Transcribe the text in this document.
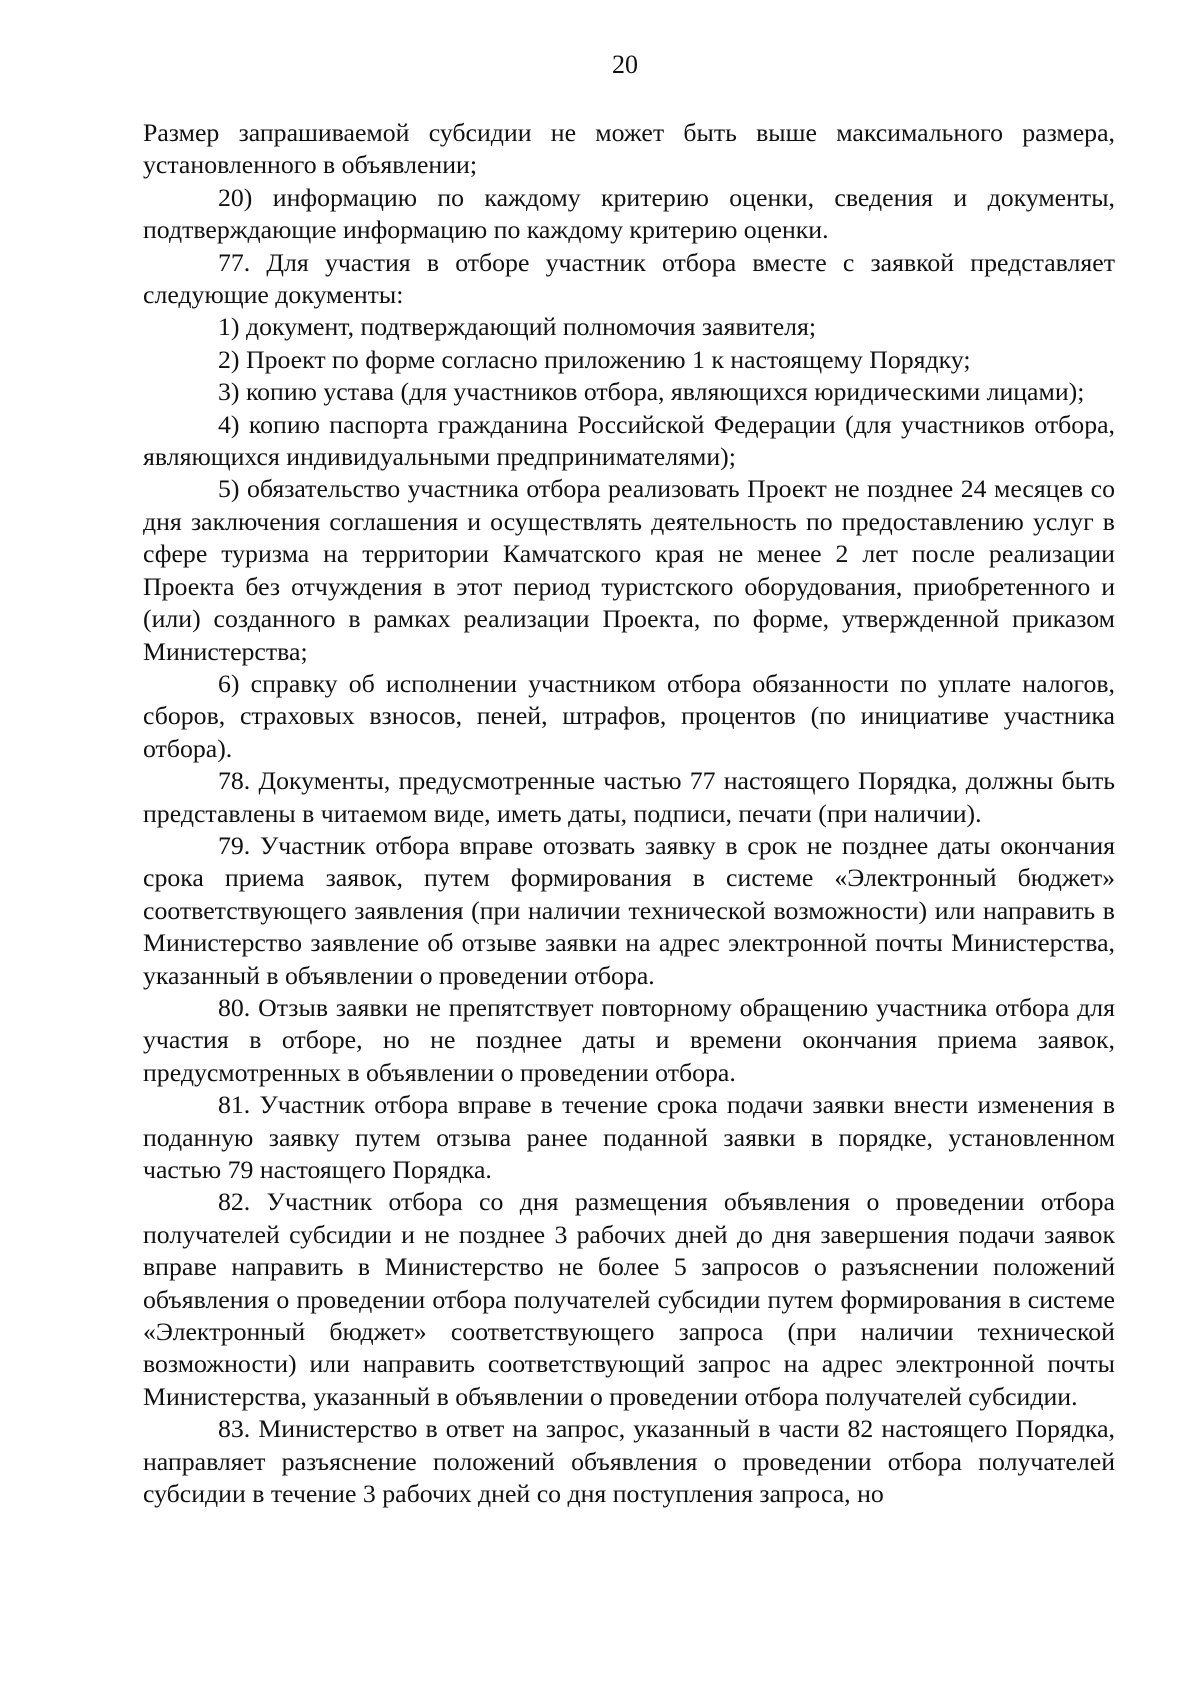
20

Размер запрашиваемой субсидии не может быть выше максимального размера, установленного в объявлении;

20) информацию по каждому критерию оценки, сведения и документы, подтверждающие информацию по каждому критерию оценки.

77. Для участия в отборе участник отбора вместе с заявкой представляет следующие документы:

1) документ, подтверждающий полномочия заявителя;

2) Проект по форме согласно приложению 1 к настоящему Порядку;

3) копию устава (для участников отбора, являющихся юридическими лицами);

4) копию паспорта гражданина Российской Федерации (для участников отбора, являющихся индивидуальными предпринимателями);

5) обязательство участника отбора реализовать Проект не позднее 24 месяцев со дня заключения соглашения и осуществлять деятельность по предоставлению услуг в сфере туризма на территории Камчатского края не менее 2 лет после реализации Проекта без отчуждения в этот период туристского оборудования, приобретенного и (или) созданного в рамках реализации Проекта, по форме, утвержденной приказом Министерства;

6) справку об исполнении участником отбора обязанности по уплате налогов, сборов, страховых взносов, пеней, штрафов, процентов (по инициативе участника отбора).

78. Документы, предусмотренные частью 77 настоящего Порядка, должны быть представлены в читаемом виде, иметь даты, подписи, печати (при наличии).

79. Участник отбора вправе отозвать заявку в срок не позднее даты окончания срока приема заявок, путем формирования в системе «Электронный бюджет» соответствующего заявления (при наличии технической возможности) или направить в Министерство заявление об отзыве заявки на адрес электронной почты Министерства, указанный в объявлении о проведении отбора.

80. Отзыв заявки не препятствует повторному обращению участника отбора для участия в отборе, но не позднее даты и времени окончания приема заявок, предусмотренных в объявлении о проведении отбора.

81. Участник отбора вправе в течение срока подачи заявки внести изменения в поданную заявку путем отзыва ранее поданной заявки в порядке, установленном частью 79 настоящего Порядка.

82. Участник отбора со дня размещения объявления о проведении отбора получателей субсидии и не позднее 3 рабочих дней до дня завершения подачи заявок вправе направить в Министерство не более 5 запросов о разъяснении положений объявления о проведении отбора получателей субсидии путем формирования в системе «Электронный бюджет» соответствующего запроса (при наличии технической возможности) или направить соответствующий запрос на адрес электронной почты Министерства, указанный в объявлении о проведении отбора получателей субсидии.

83. Министерство в ответ на запрос, указанный в части 82 настоящего Порядка, направляет разъяснение положений объявления о проведении отбора получателей субсидии в течение 3 рабочих дней со дня поступления запроса, но
